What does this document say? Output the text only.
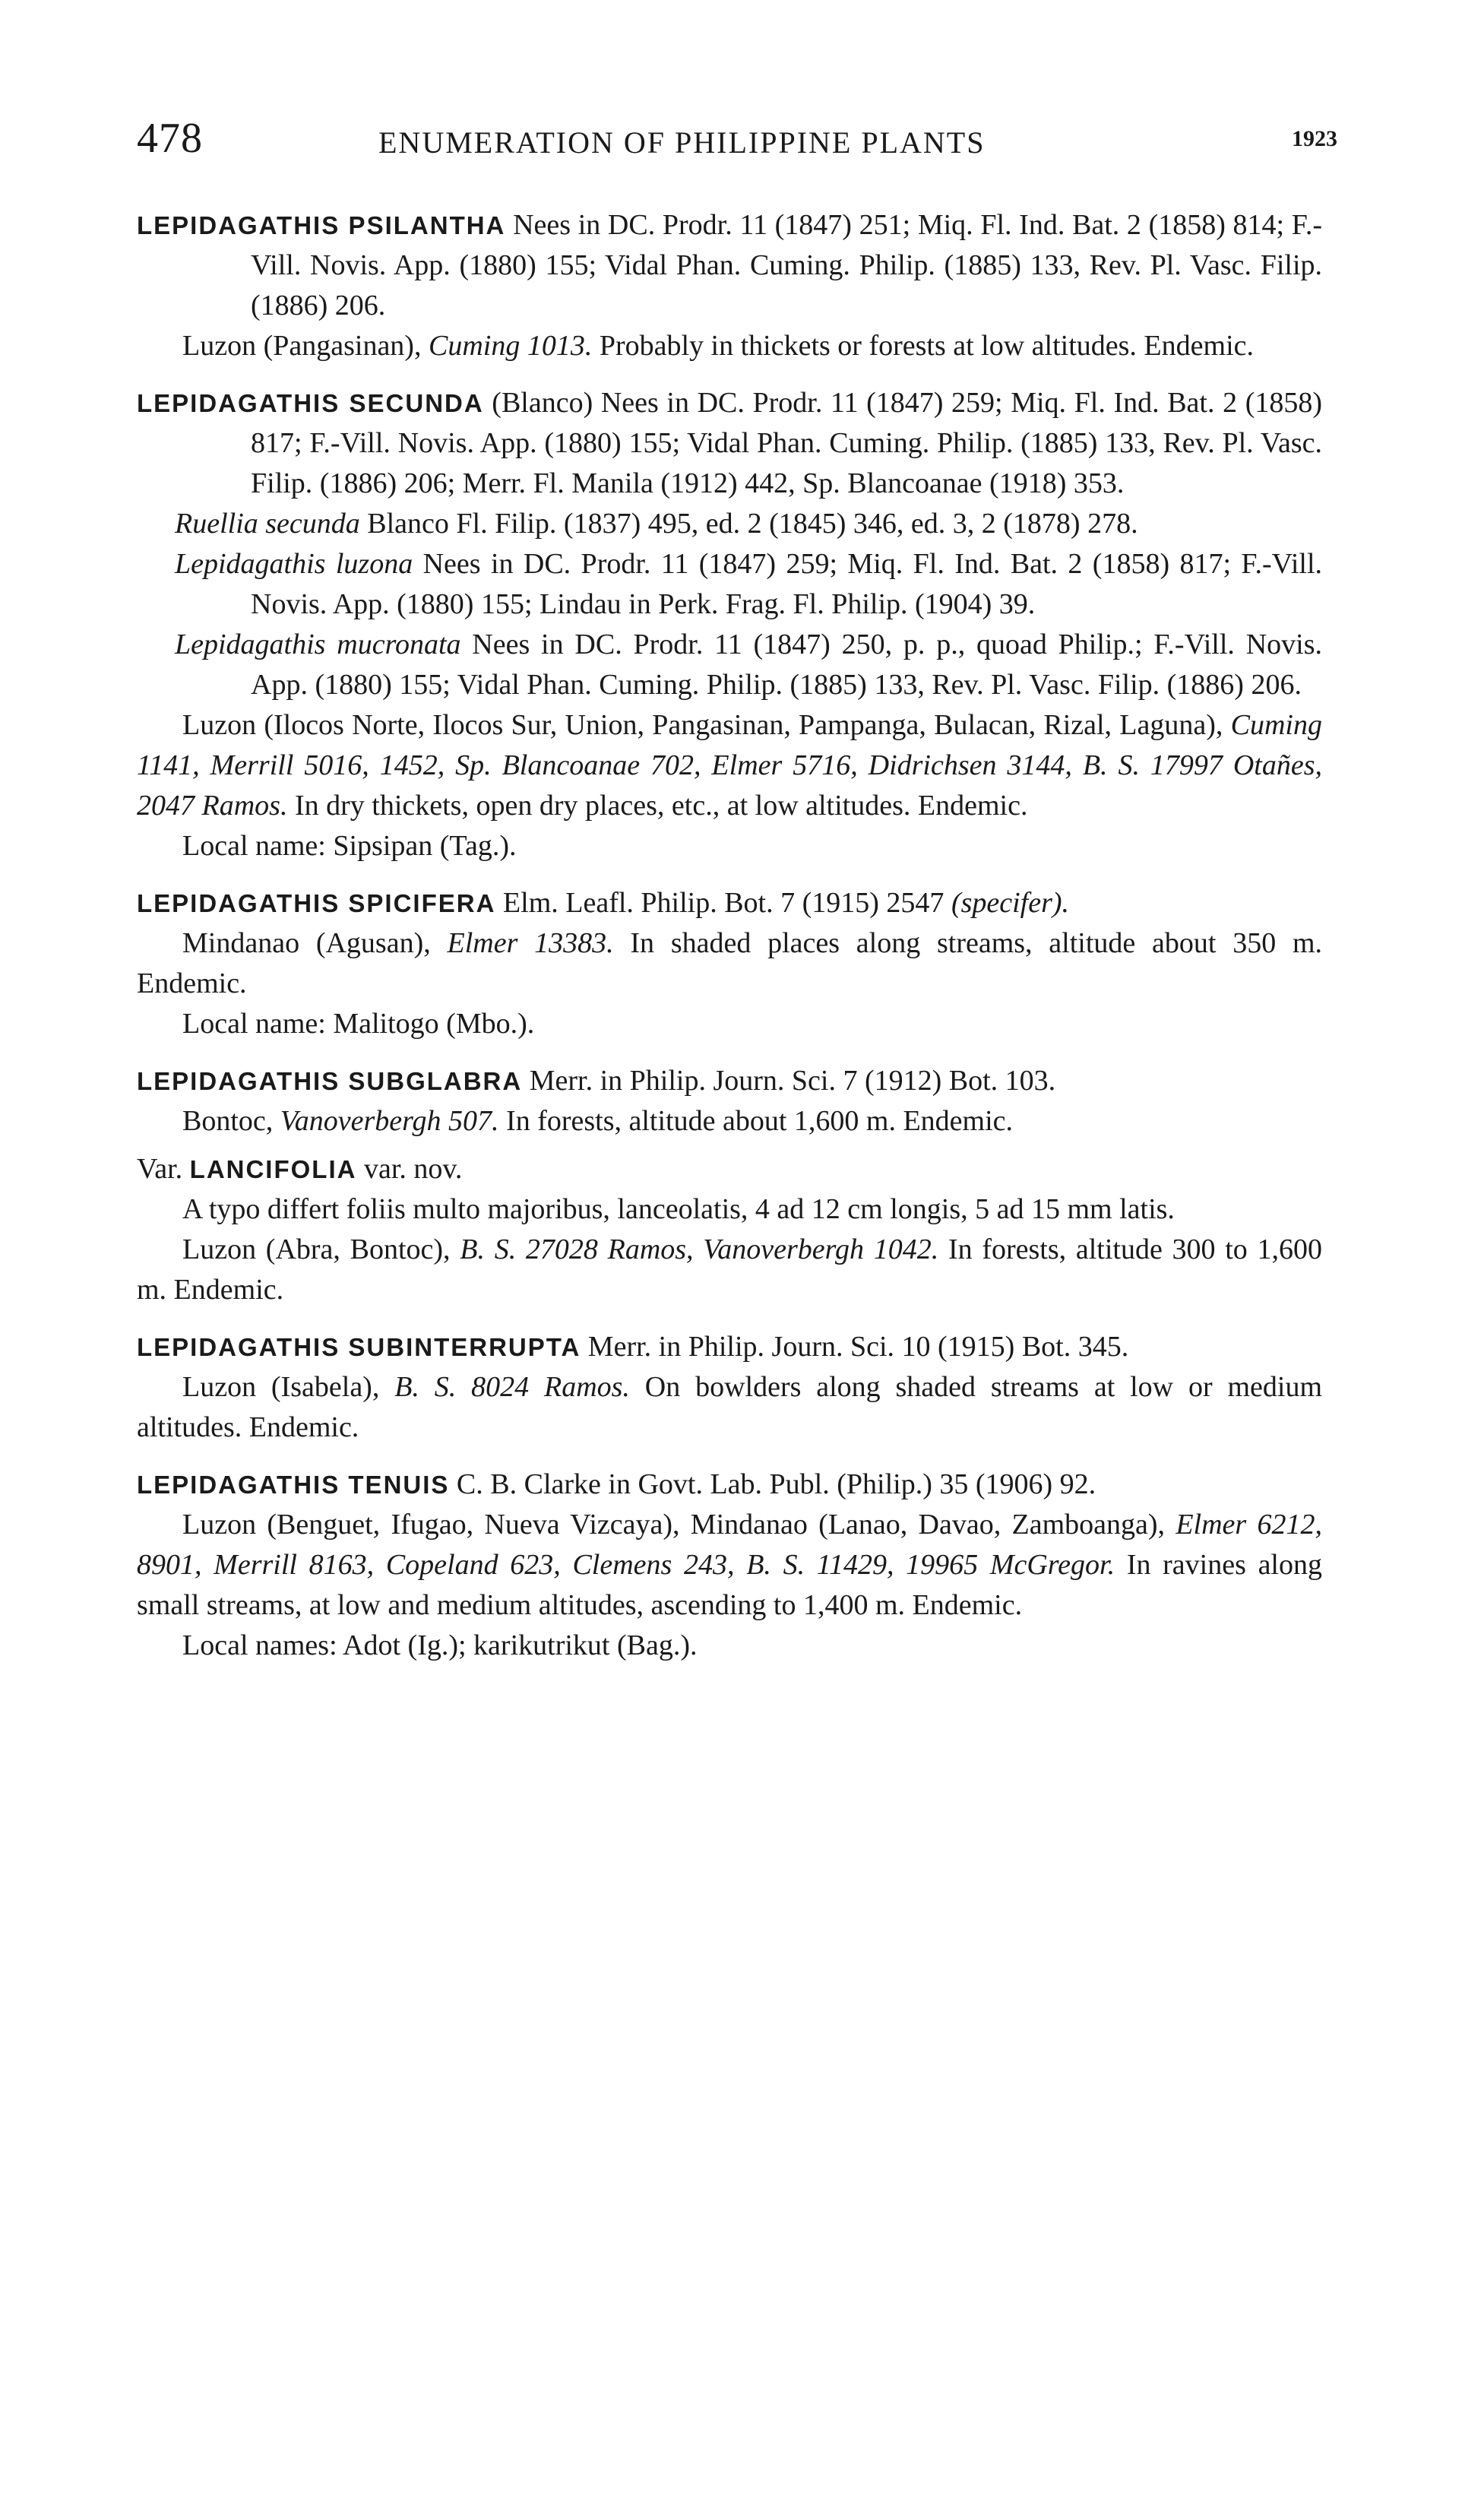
478	ENUMERATION OF PHILIPPINE PLANTS	1923
LEPIDAGATHIS PSILANTHA Nees in DC. Prodr. 11 (1847) 251; Miq. Fl. Ind. Bat. 2 (1858) 814; F.-Vill. Novis. App. (1880) 155; Vidal Phan. Cuming. Philip. (1885) 133, Rev. Pl. Vasc. Filip. (1886) 206.
Luzon (Pangasinan), Cuming 1013. Probably in thickets or forests at low altitudes. Endemic.
LEPIDAGATHIS SECUNDA (Blanco) Nees in DC. Prodr. 11 (1847) 259; Miq. Fl. Ind. Bat. 2 (1858) 817; F.-Vill. Novis. App. (1880) 155; Vidal Phan. Cuming. Philip. (1885) 133, Rev. Pl. Vasc. Filip. (1886) 206; Merr. Fl. Manila (1912) 442, Sp. Blancoanae (1918) 353.
Ruellia secunda Blanco Fl. Filip. (1837) 495, ed. 2 (1845) 346, ed. 3, 2 (1878) 278.
Lepidagathis luzona Nees in DC. Prodr. 11 (1847) 259; Miq. Fl. Ind. Bat. 2 (1858) 817; F.-Vill. Novis. App. (1880) 155; Lindau in Perk. Frag. Fl. Philip. (1904) 39.
Lepidagathis mucronata Nees in DC. Prodr. 11 (1847) 250, p. p., quoad Philip.; F.-Vill. Novis. App. (1880) 155; Vidal Phan. Cuming. Philip. (1885) 133, Rev. Pl. Vasc. Filip. (1886) 206.
Luzon (Ilocos Norte, Ilocos Sur, Union, Pangasinan, Pampanga, Bulacan, Rizal, Laguna), Cuming 1141, Merrill 5016, 1452, Sp. Blancoanae 702, Elmer 5716, Didrichsen 3144, B. S. 17997 Otañes, 2047 Ramos. In dry thickets, open dry places, etc., at low altitudes. Endemic.
Local name: Sipsipan (Tag.).
LEPIDAGATHIS SPICIFERA Elm. Leafl. Philip. Bot. 7 (1915) 2547 (specifer).
Mindanao (Agusan), Elmer 13383. In shaded places along streams, altitude about 350 m. Endemic.
Local name: Malitogo (Mbo.).
LEPIDAGATHIS SUBGLABRA Merr. in Philip. Journ. Sci. 7 (1912) Bot. 103.
Bontoc, Vanoverbergh 507. In forests, altitude about 1,600 m. Endemic.
Var. LANCIFOLIA var. nov.
A typo differt foliis multo majoribus, lanceolatis, 4 ad 12 cm longis, 5 ad 15 mm latis.
Luzon (Abra, Bontoc), B. S. 27028 Ramos, Vanoverbergh 1042. In forests, altitude 300 to 1,600 m. Endemic.
LEPIDAGATHIS SUBINTERRUPTA Merr. in Philip. Journ. Sci. 10 (1915) Bot. 345.
Luzon (Isabela), B. S. 8024 Ramos. On bowlders along shaded streams at low or medium altitudes. Endemic.
LEPIDAGATHIS TENUIS C. B. Clarke in Govt. Lab. Publ. (Philip.) 35 (1906) 92.
Luzon (Benguet, Ifugao, Nueva Vizcaya), Mindanao (Lanao, Davao, Zamboanga), Elmer 6212, 8901, Merrill 8163, Copeland 623, Clemens 243, B. S. 11429, 19965 McGregor. In ravines along small streams, at low and medium altitudes, ascending to 1,400 m. Endemic.
Local names: Adot (Ig.); karikutrikut (Bag.).
